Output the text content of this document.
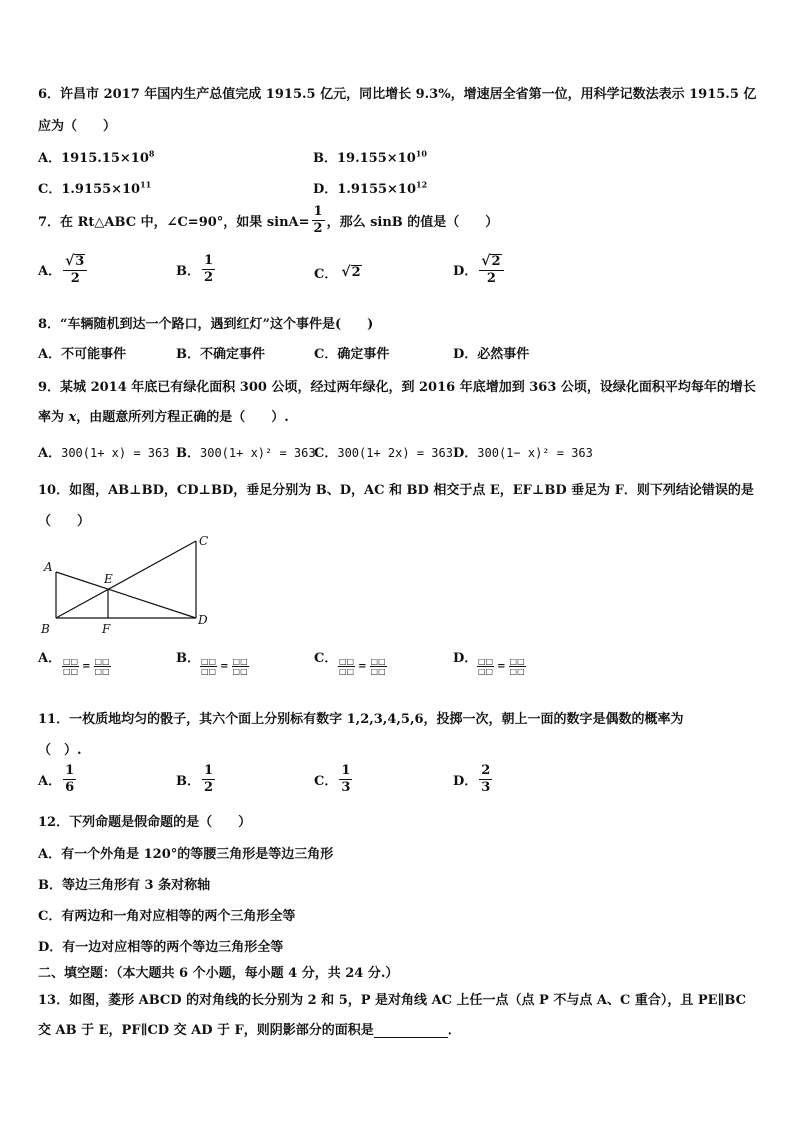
6．许昌市 2017 年国内生产总值完成 1915.5 亿元，同比增长 9.3%，增速居全省第一位，用科学记数法表示 1915.5 亿
应为（　　）
A．$1915.15\times 10^8$	B．$19.155\times 10^{10}$
C．$1.9155\times 10^{11}$	D．$1.9155\times 10^{12}$
7．在 Rt△ABC 中，∠C=90°，如果 $\sin A= \frac{1}{2}$ ，那么 sinB 的值是（　　）
A． $\frac{√ 3}{2}$	B． $\frac{1}{2}$	C． √ 2	D． $\frac{√ 2}{2}$
8．“车辆随机到达一个路口，遇到红灯”这个事件是(　　)
A．不可能事件	B．不确定事件	C．确定事件	D．必然事件
9．某城 2014 年底已有绿化面积 300 公顷，经过两年绿化，到 2016 年底增加到 363 公顷，设绿化面积平均每年的增长
率为 x，由题意所列方程正确的是（　　）.
A．300(1+ x) = 363 B．300(1+ x)² = 363
C．300(1+ 2x) = 363 D．300(1− x)² = 363
10．如图，AB⊥BD，CD⊥BD，垂足分别为 B、D，AC 和 BD 相交于点 E，EF⊥BD 垂足为 F．则下列结论错误的是
（　　）
A
B
C
D
E
F
A． $\frac{□□}{□□} = \frac{□□}{□□}$	B． $\frac{□□}{□□} = \frac{□□}{□□}$	C． $\frac{□□}{□□} = \frac{□□}{□□}$	D． $\frac{□□}{□□} = \frac{□□}{□□}$
11．一枚质地均匀的骰子，其六个面上分别标有数字 1,2,3,4,5,6，投掷一次，朝上一面的数字是偶数的概率为
（　）.
A． $\frac{1}{6}$	B． $\frac{1}{2}$	C． $\frac{1}{3}$	D． $\frac{2}{3}$
12．下列命题是假命题的是（　　）
A．有一个外角是 120°的等腰三角形是等边三角形
B．等边三角形有 3 条对称轴
C．有两边和一角对应相等的两个三角形全等
D．有一边对应相等的两个等边三角形全等
二、填空题：（本大题共 6 个小题，每小题 4 分，共 24 分.）
13．如图，菱形 ABCD 的对角线的长分别为 2 和 5，P 是对角线 AC 上任一点（点 P 不与点 A、C 重合），且 PE∥BC
交 AB 于 E，PF∥CD 交 AD 于 F，则阴影部分的面积是	．
